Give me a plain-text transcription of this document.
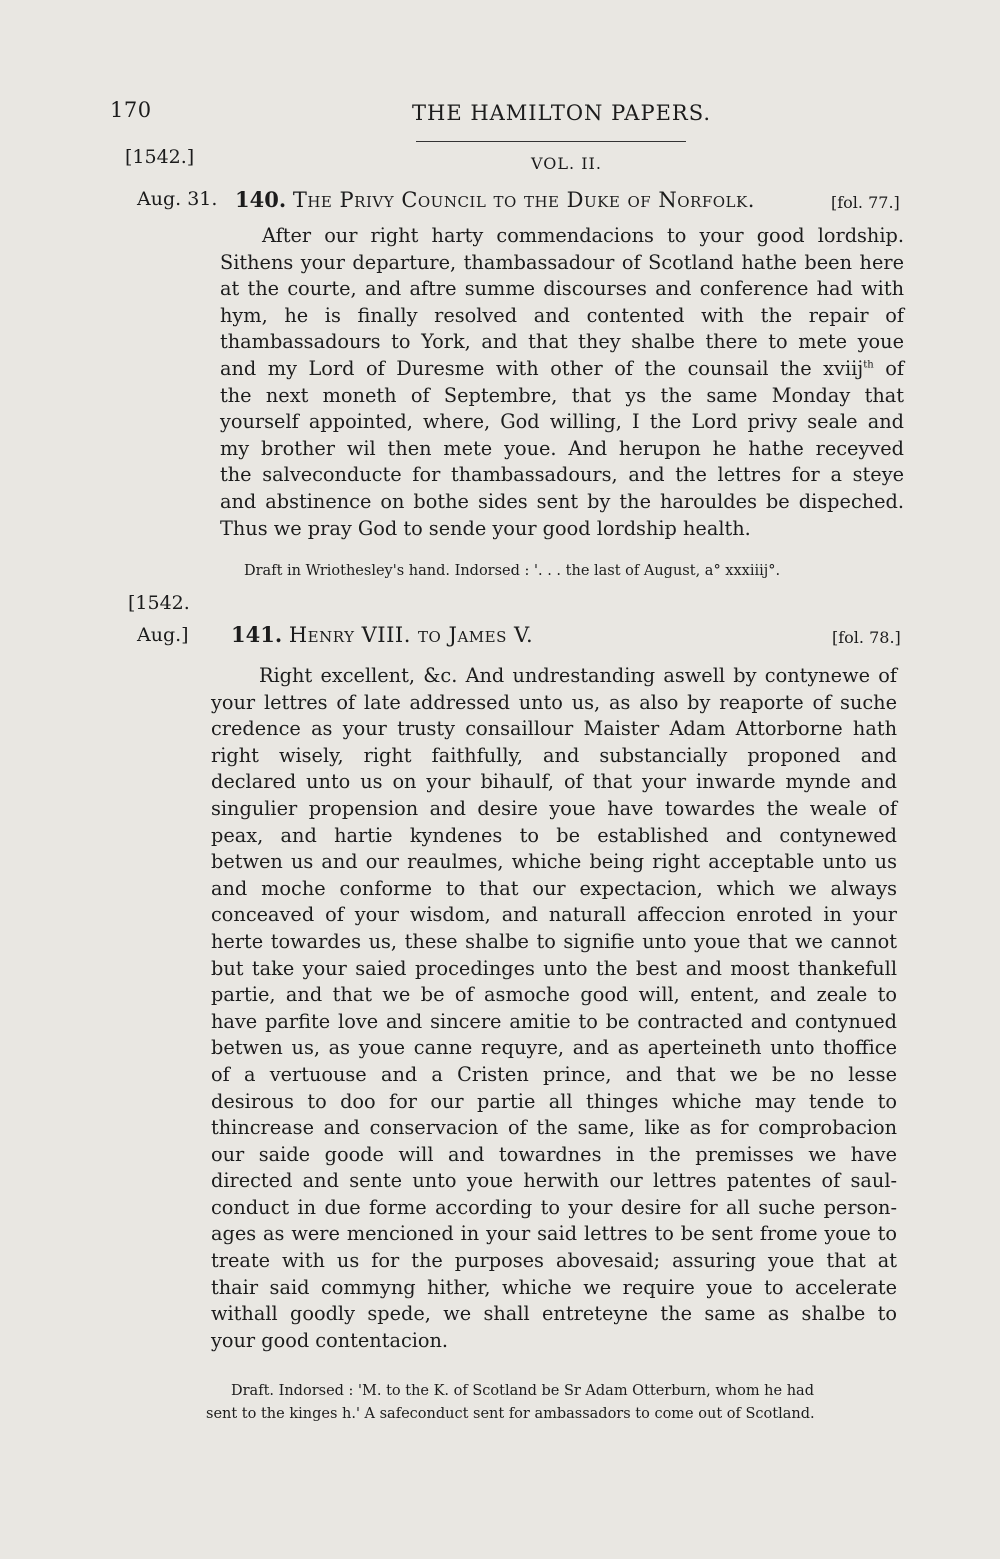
170	THE HAMILTON PAPERS.
[1542.]	VOL. II.
Aug. 31. 140. The Privy Council to the Duke of Norfolk.	[fol. 77.]
After our right harty commendacions to your good lordship.
Sithens your departure, thambassadour of Scotland hathe been here
at the courte, and aftre summe discourses and conference had with
hym, he is finally resolved and contented with the repair of
thambassadours to York, and that they shalbe there to mete youe
and my Lord of Duresme with other of the counsail the xviij$^{th}$ of
the next moneth of Septembre, that ys the same Monday that
yourself appointed, where, God willing, I the Lord privy seale and
my brother wil then mete youe. And herupon he hathe receyved
the salveconducte for thambassadours, and the lettres for a steye
and abstinence on bothe sides sent by the harouldes be dispeched.
Thus we pray God to sende your good lordship health.
Draft in Wriothesley's hand. Indorsed : '. . . the last of August, a° xxxiiij°.
[1542.
Aug.] 141. Henry VIII. to James V.	[fol. 78.]
Right excellent, &c. And undrestanding aswell by contynewe of
your lettres of late addressed unto us, as also by reaporte of suche
credence as your trusty consaillour Maister Adam Attorborne hath
right wisely, right faithfully, and substancially proponed and
declared unto us on your bihaulf, of that your inwarde mynde and
singulier propension and desire youe have towardes the weale of
peax, and hartie kyndenes to be established and contynewed
betwen us and our reaulmes, whiche being right acceptable unto us
and moche conforme to that our expectacion, which we always
conceaved of your wisdom, and naturall affeccion enroted in your
herte towardes us, these shalbe to signifie unto youe that we cannot
but take your saied procedinges unto the best and moost thankefull
partie, and that we be of asmoche good will, entent, and zeale to
have parfite love and sincere amitie to be contracted and contynued
betwen us, as youe canne requyre, and as aperteineth unto thoffice
of a vertuouse and a Cristen prince, and that we be no lesse
desirous to doo for our partie all thinges whiche may tende to
thincrease and conservacion of the same, like as for comprobacion
our saide goode will and towardnes in the premisses we have
directed and sente unto youe herwith our lettres patentes of saul-
conduct in due forme according to your desire for all suche person-
ages as were mencioned in your said lettres to be sent frome youe to
treate with us for the purposes abovesaid; assuring youe that at
thair said commyng hither, whiche we require youe to accelerate
withall goodly spede, we shall entreteyne the same as shalbe to
your good contentacion.
Draft. Indorsed : 'M. to the K. of Scotland be Sr Adam Otterburn, whom he had
sent to the kinges h.' A safeconduct sent for ambassadors to come out of Scotland.
